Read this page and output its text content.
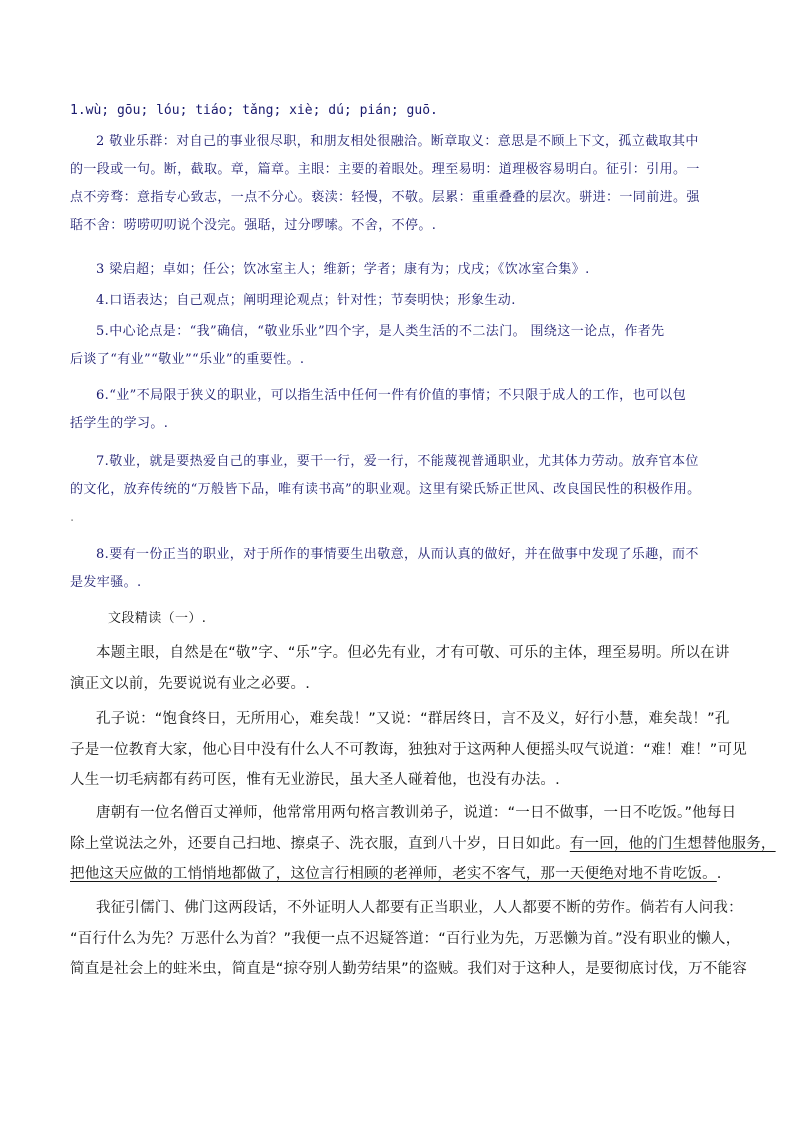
1.wù; gōu; lóu; tiáo; tǎng; xiè; dú; pián; guō.
2 敬业乐群：对自己的事业很尽职，和朋友相处很融洽。断章取义：意思是不顾上下文，孤立截取其中
的一段或一句。断，截取。章，篇章。主眼：主要的着眼处。理至易明：道理极容易明白。征引：引用。一
点不旁骛：意指专心致志，一点不分心。亵渎：轻慢，不敬。层累：重重叠叠的层次。骈进：一同前进。强
聒不舍：唠唠叨叨说个没完。强聒，过分啰嗦。不舍，不停。.
3 梁启超；卓如；任公；饮冰室主人；维新；学者；康有为；戊戌；《饮冰室合集》.
4.口语表达；自己观点；阐明理论观点；针对性；节奏明快；形象生动.
5.中心论点是：“我”确信，“敬业乐业”四个字，是人类生活的不二法门。 围绕这一论点，作者先
后谈了“有业”“敬业”“乐业”的重要性。.
6.“业”不局限于狭义的职业，可以指生活中任何一件有价值的事情；不只限于成人的工作，也可以包
括学生的学习。.
7.敬业，就是要热爱自己的事业，要干一行，爱一行，不能蔑视普通职业，尤其体力劳动。放弃官本位
的文化，放弃传统的“万般皆下品，唯有读书高”的职业观。这里有梁氏矫正世风、改良国民性的积极作用。
.
8.要有一份正当的职业，对于所作的事情要生出敬意，从而认真的做好，并在做事中发现了乐趣，而不
是发牢骚。.
文段精读（一）.
本题主眼，自然是在“敬”字、“乐”字。但必先有业，才有可敬、可乐的主体，理至易明。所以在讲
演正文以前，先要说说有业之必要。.
孔子说：“饱食终日，无所用心，难矣哉！”又说：“群居终日，言不及义，好行小慧，难矣哉！”孔
子是一位教育大家，他心目中没有什么人不可教诲，独独对于这两种人便摇头叹气说道：“难！难！”可见
人生一切毛病都有药可医，惟有无业游民，虽大圣人碰着他，也没有办法。.
唐朝有一位名僧百丈禅师，他常常用两句格言教训弟子，说道：“一日不做事，一日不吃饭。”他每日
除上堂说法之外，还要自己扫地、擦桌子、洗衣服，直到八十岁，日日如此。有一回，他的门生想替他服务，
把他这天应做的工悄悄地都做了，这位言行相顾的老禅师，老实不客气，那一天便绝对地不肯吃饭。.
我征引儒门、佛门这两段话，不外证明人人都要有正当职业，人人都要不断的劳作。倘若有人问我：
“百行什么为先？万恶什么为首？”我便一点不迟疑答道：“百行业为先，万恶懒为首。”没有职业的懒人，
简直是社会上的蛀米虫，简直是“掠夺别人勤劳结果”的盗贼。我们对于这种人，是要彻底讨伐，万不能容
